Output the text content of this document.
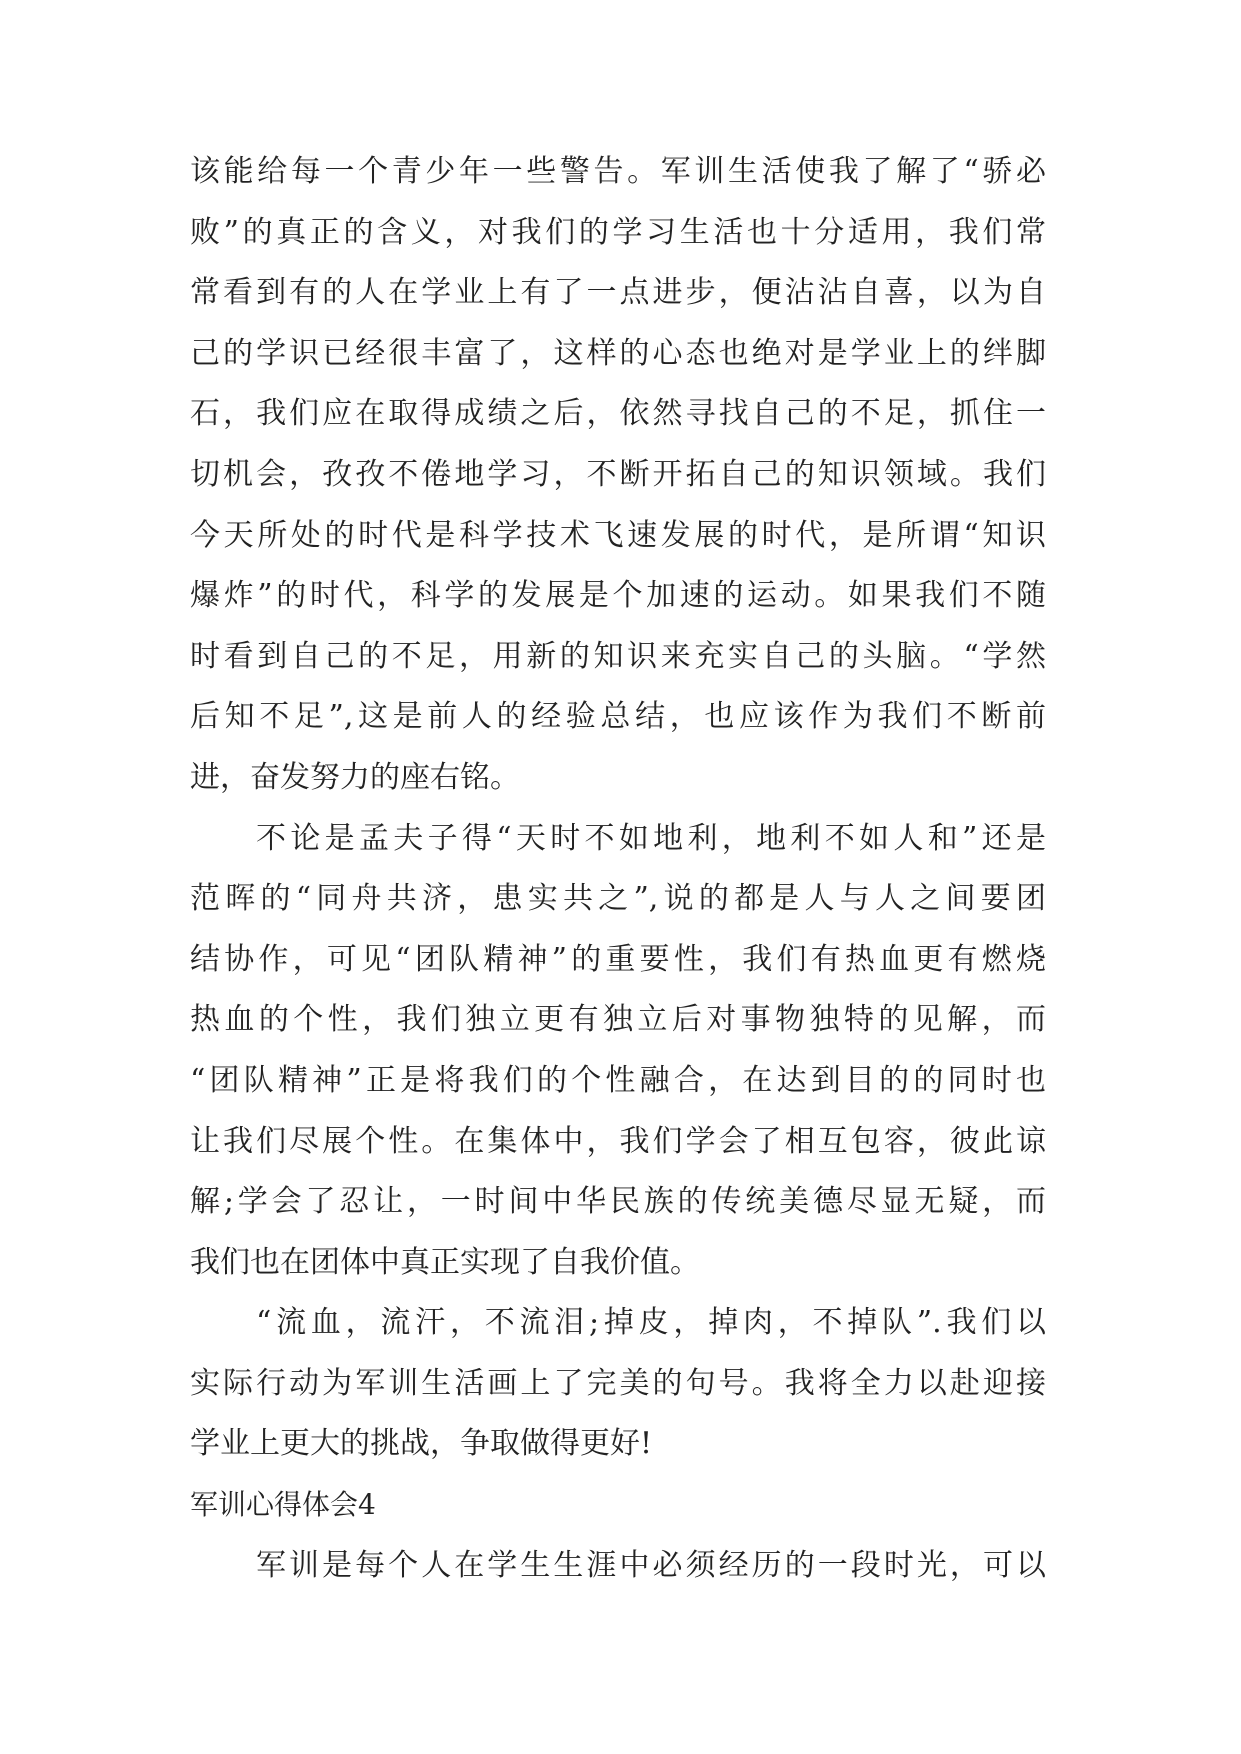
该能给每一个青少年一些警告。军训生活使我了解了“骄必
败”的真正的含义，对我们的学习生活也十分适用，我们常
常看到有的人在学业上有了一点进步，便沾沾自喜，以为自
己的学识已经很丰富了，这样的心态也绝对是学业上的绊脚
石，我们应在取得成绩之后，依然寻找自己的不足，抓住一
切机会，孜孜不倦地学习，不断开拓自己的知识领域。我们
今天所处的时代是科学技术飞速发展的时代，是所谓“知识
爆炸”的时代，科学的发展是个加速的运动。如果我们不随
时看到自己的不足，用新的知识来充实自己的头脑。“学然
后知不足”,这是前人的经验总结，也应该作为我们不断前
进，奋发努力的座右铭。
不论是孟夫子得“天时不如地利，地利不如人和”还是
范晖的“同舟共济，患实共之”,说的都是人与人之间要团
结协作，可见“团队精神”的重要性，我们有热血更有燃烧
热血的个性，我们独立更有独立后对事物独特的见解，而
“团队精神”正是将我们的个性融合，在达到目的的同时也
让我们尽展个性。在集体中，我们学会了相互包容，彼此谅
解;学会了忍让，一时间中华民族的传统美德尽显无疑，而
我们也在团体中真正实现了自我价值。
“流血，流汗，不流泪;掉皮，掉肉，不掉队”.我们以
实际行动为军训生活画上了完美的句号。我将全力以赴迎接
学业上更大的挑战，争取做得更好!
军训心得体会4
军训是每个人在学生生涯中必须经历的一段时光，可以
